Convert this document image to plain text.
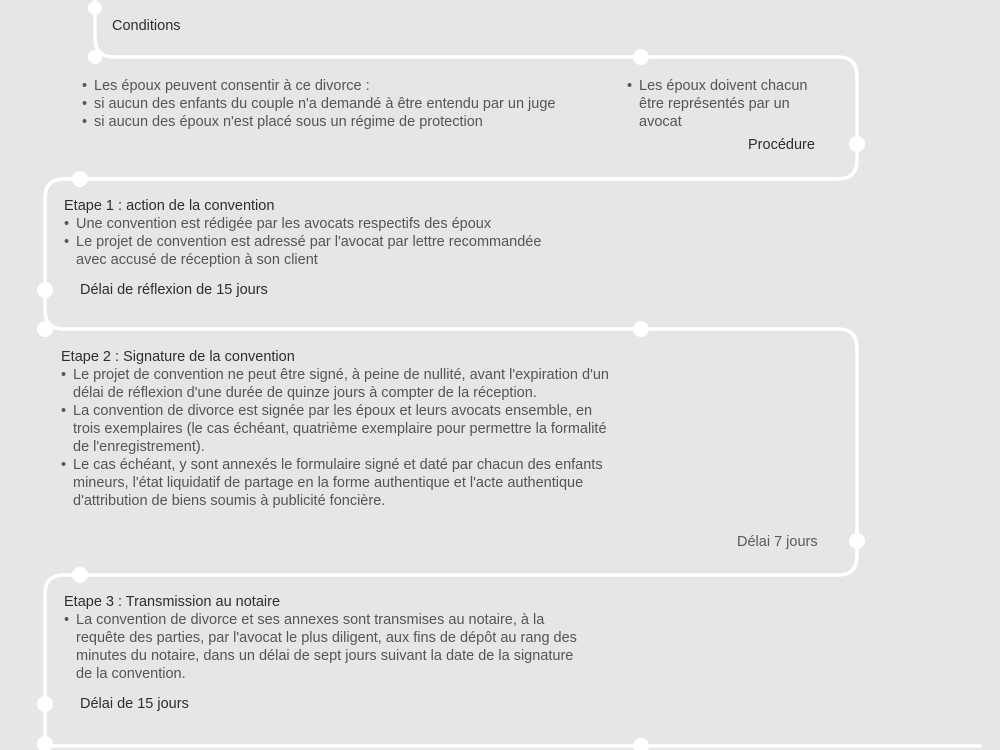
Conditions
• Les époux peuvent consentir à ce divorce :
• si aucun des enfants du couple n'a demandé à être entendu par un juge
• si aucun des époux n'est placé sous un régime de protection
• Les époux doivent chacun être représentés par un avocat
Procédure
Etape 1 : action de la convention
• Une convention est rédigée par les avocats respectifs des époux
• Le projet de convention est adressé par l'avocat par lettre recommandée avec accusé de réception à son client
Délai de réflexion de 15 jours
Etape 2 : Signature de la convention
• Le projet de convention ne peut être signé, à peine de nullité, avant l'expiration d'un délai de réflexion d'une durée de quinze jours à compter de la réception.
• La convention de divorce est signée par les époux et leurs avocats ensemble, en trois exemplaires (le cas échéant, quatrième exemplaire pour permettre la formalité de l'enregistrement).
• Le cas échéant, y sont annexés le formulaire signé et daté par chacun des enfants mineurs, l'état liquidatif de partage en la forme authentique et l'acte authentique d'attribution de biens soumis à publicité foncière.
Délai 7 jours
Etape 3 : Transmission au notaire
• La convention de divorce et ses annexes sont transmises au notaire, à la requête des parties, par l'avocat le plus diligent, aux fins de dépôt au rang des minutes du notaire, dans un délai de sept jours suivant la date de la signature de la convention.
Délai de 15 jours
